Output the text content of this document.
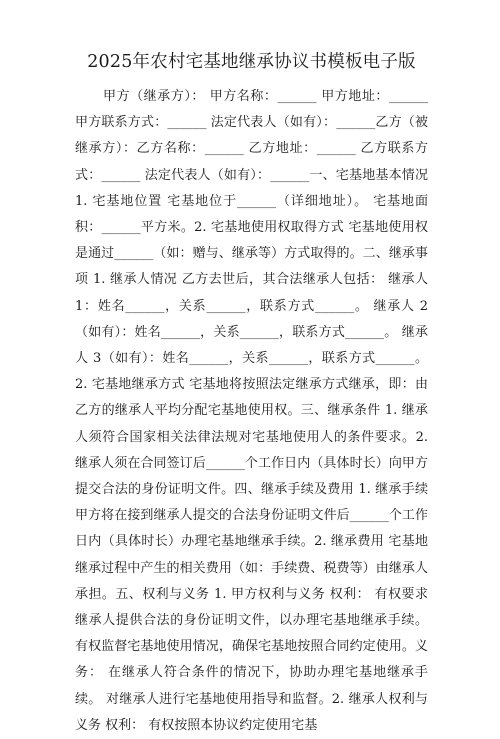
2025年农村宅基地继承协议书模板电子版

甲方（继承方）： 甲方名称：______ 甲方地址：______ 甲方联系方式：______ 法定代表人（如有）：______乙方（被继承方）：乙方名称：______ 乙方地址：______ 乙方联系方式：______ 法定代表人（如有）：______一、宅基地基本情况 1. 宅基地位置 宅基地位于______（详细地址）。 宅基地面积：______平方米。2. 宅基地使用权取得方式 宅基地使用权是通过______（如：赠与、继承等）方式取得的。二、继承事项 1. 继承人情况 乙方去世后，其合法继承人包括： 继承人 1：姓名______，关系______，联系方式______。 继承人 2（如有）：姓名______，关系______，联系方式______。 继承人 3（如有）：姓名______，关系______，联系方式______。2. 宅基地继承方式 宅基地将按照法定继承方式继承，即：由乙方的继承人平均分配宅基地使用权。三、继承条件 1. 继承人须符合国家相关法律法规对宅基地使用人的条件要求。2. 继承人须在合同签订后______个工作日内（具体时长）向甲方提交合法的身份证明文件。四、继承手续及费用 1. 继承手续 甲方将在接到继承人提交的合法身份证明文件后______个工作日内（具体时长）办理宅基地继承手续。2. 继承费用 宅基地继承过程中产生的相关费用（如：手续费、税费等）由继承人承担。五、权利与义务 1. 甲方权利与义务 权利： 有权要求继承人提供合法的身份证明文件，以办理宅基地继承手续。 有权监督宅基地使用情况，确保宅基地按照合同约定使用。义务： 在继承人符合条件的情况下，协助办理宅基地继承手续。 对继承人进行宅基地使用指导和监督。2. 继承人权利与义务 权利： 有权按照本协议约定使用宅基
